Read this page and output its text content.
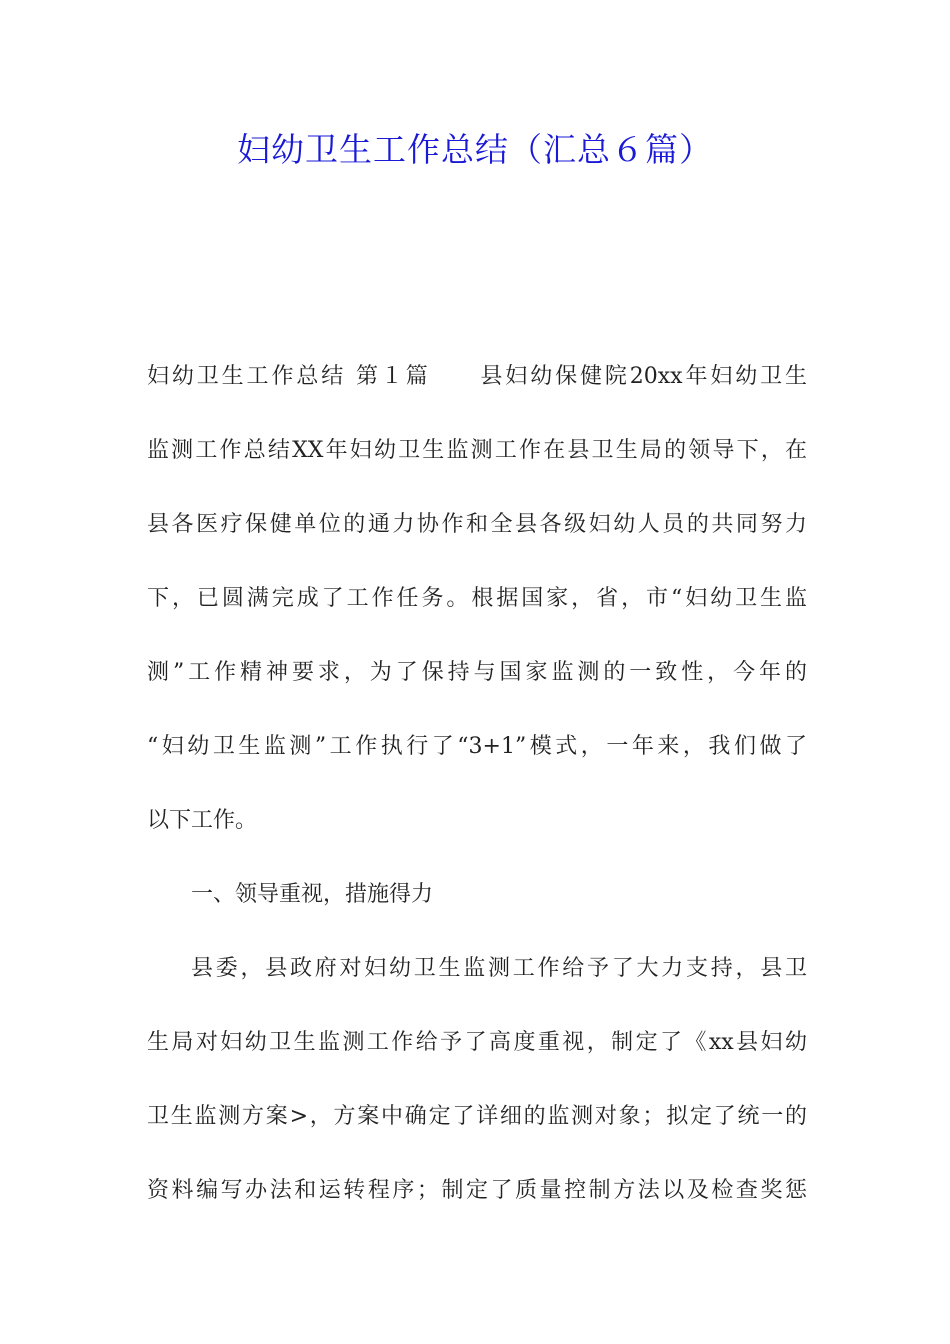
妇幼卫生工作总结（汇总６篇）
妇幼卫生工作总结 第１篇　　县妇幼保健院20xx年妇幼卫生
监测工作总结XX年妇幼卫生监测工作在县卫生局的领导下，在
县各医疗保健单位的通力协作和全县各级妇幼人员的共同努力
下，已圆满完成了工作任务。根据国家，省，市“妇幼卫生监
测”工作精神要求，为了保持与国家监测的一致性，今年的
“妇幼卫生监测”工作执行了“3+1”模式，一年来，我们做了
以下工作。
一、领导重视，措施得力
县委，县政府对妇幼卫生监测工作给予了大力支持，县卫
生局对妇幼卫生监测工作给予了高度重视，制定了《xx县妇幼
卫生监测方案>，方案中确定了详细的监测对象；拟定了统一的
资料编写办法和运转程序；制定了质量控制方法以及检查奖惩
